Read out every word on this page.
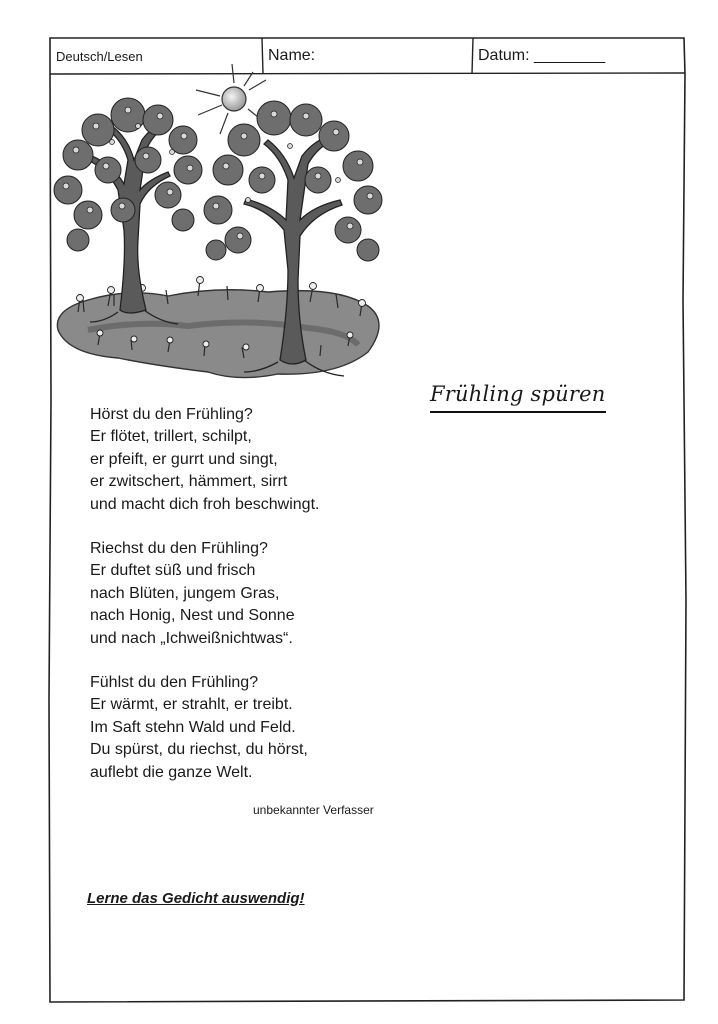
Deutsch/Lesen	Name:	Datum: ________
Frühling spüren
Hörst du den Frühling?
Er flötet, trillert, schilpt,
er pfeift, er gurrt und singt,
er zwitschert, hämmert, sirrt
und macht dich froh beschwingt.
Riechst du den Frühling?
Er duftet süß und frisch
nach Blüten, jungem Gras,
nach Honig, Nest und Sonne
und nach „Ichweißnichtwas“.
Fühlst du den Frühling?
Er wärmt, er strahlt, er treibt.
Im Saft stehn Wald und Feld.
Du spürst, du riechst, du hörst,
auflebt die ganze Welt.
unbekannter Verfasser
Lerne das Gedicht auswendig!
